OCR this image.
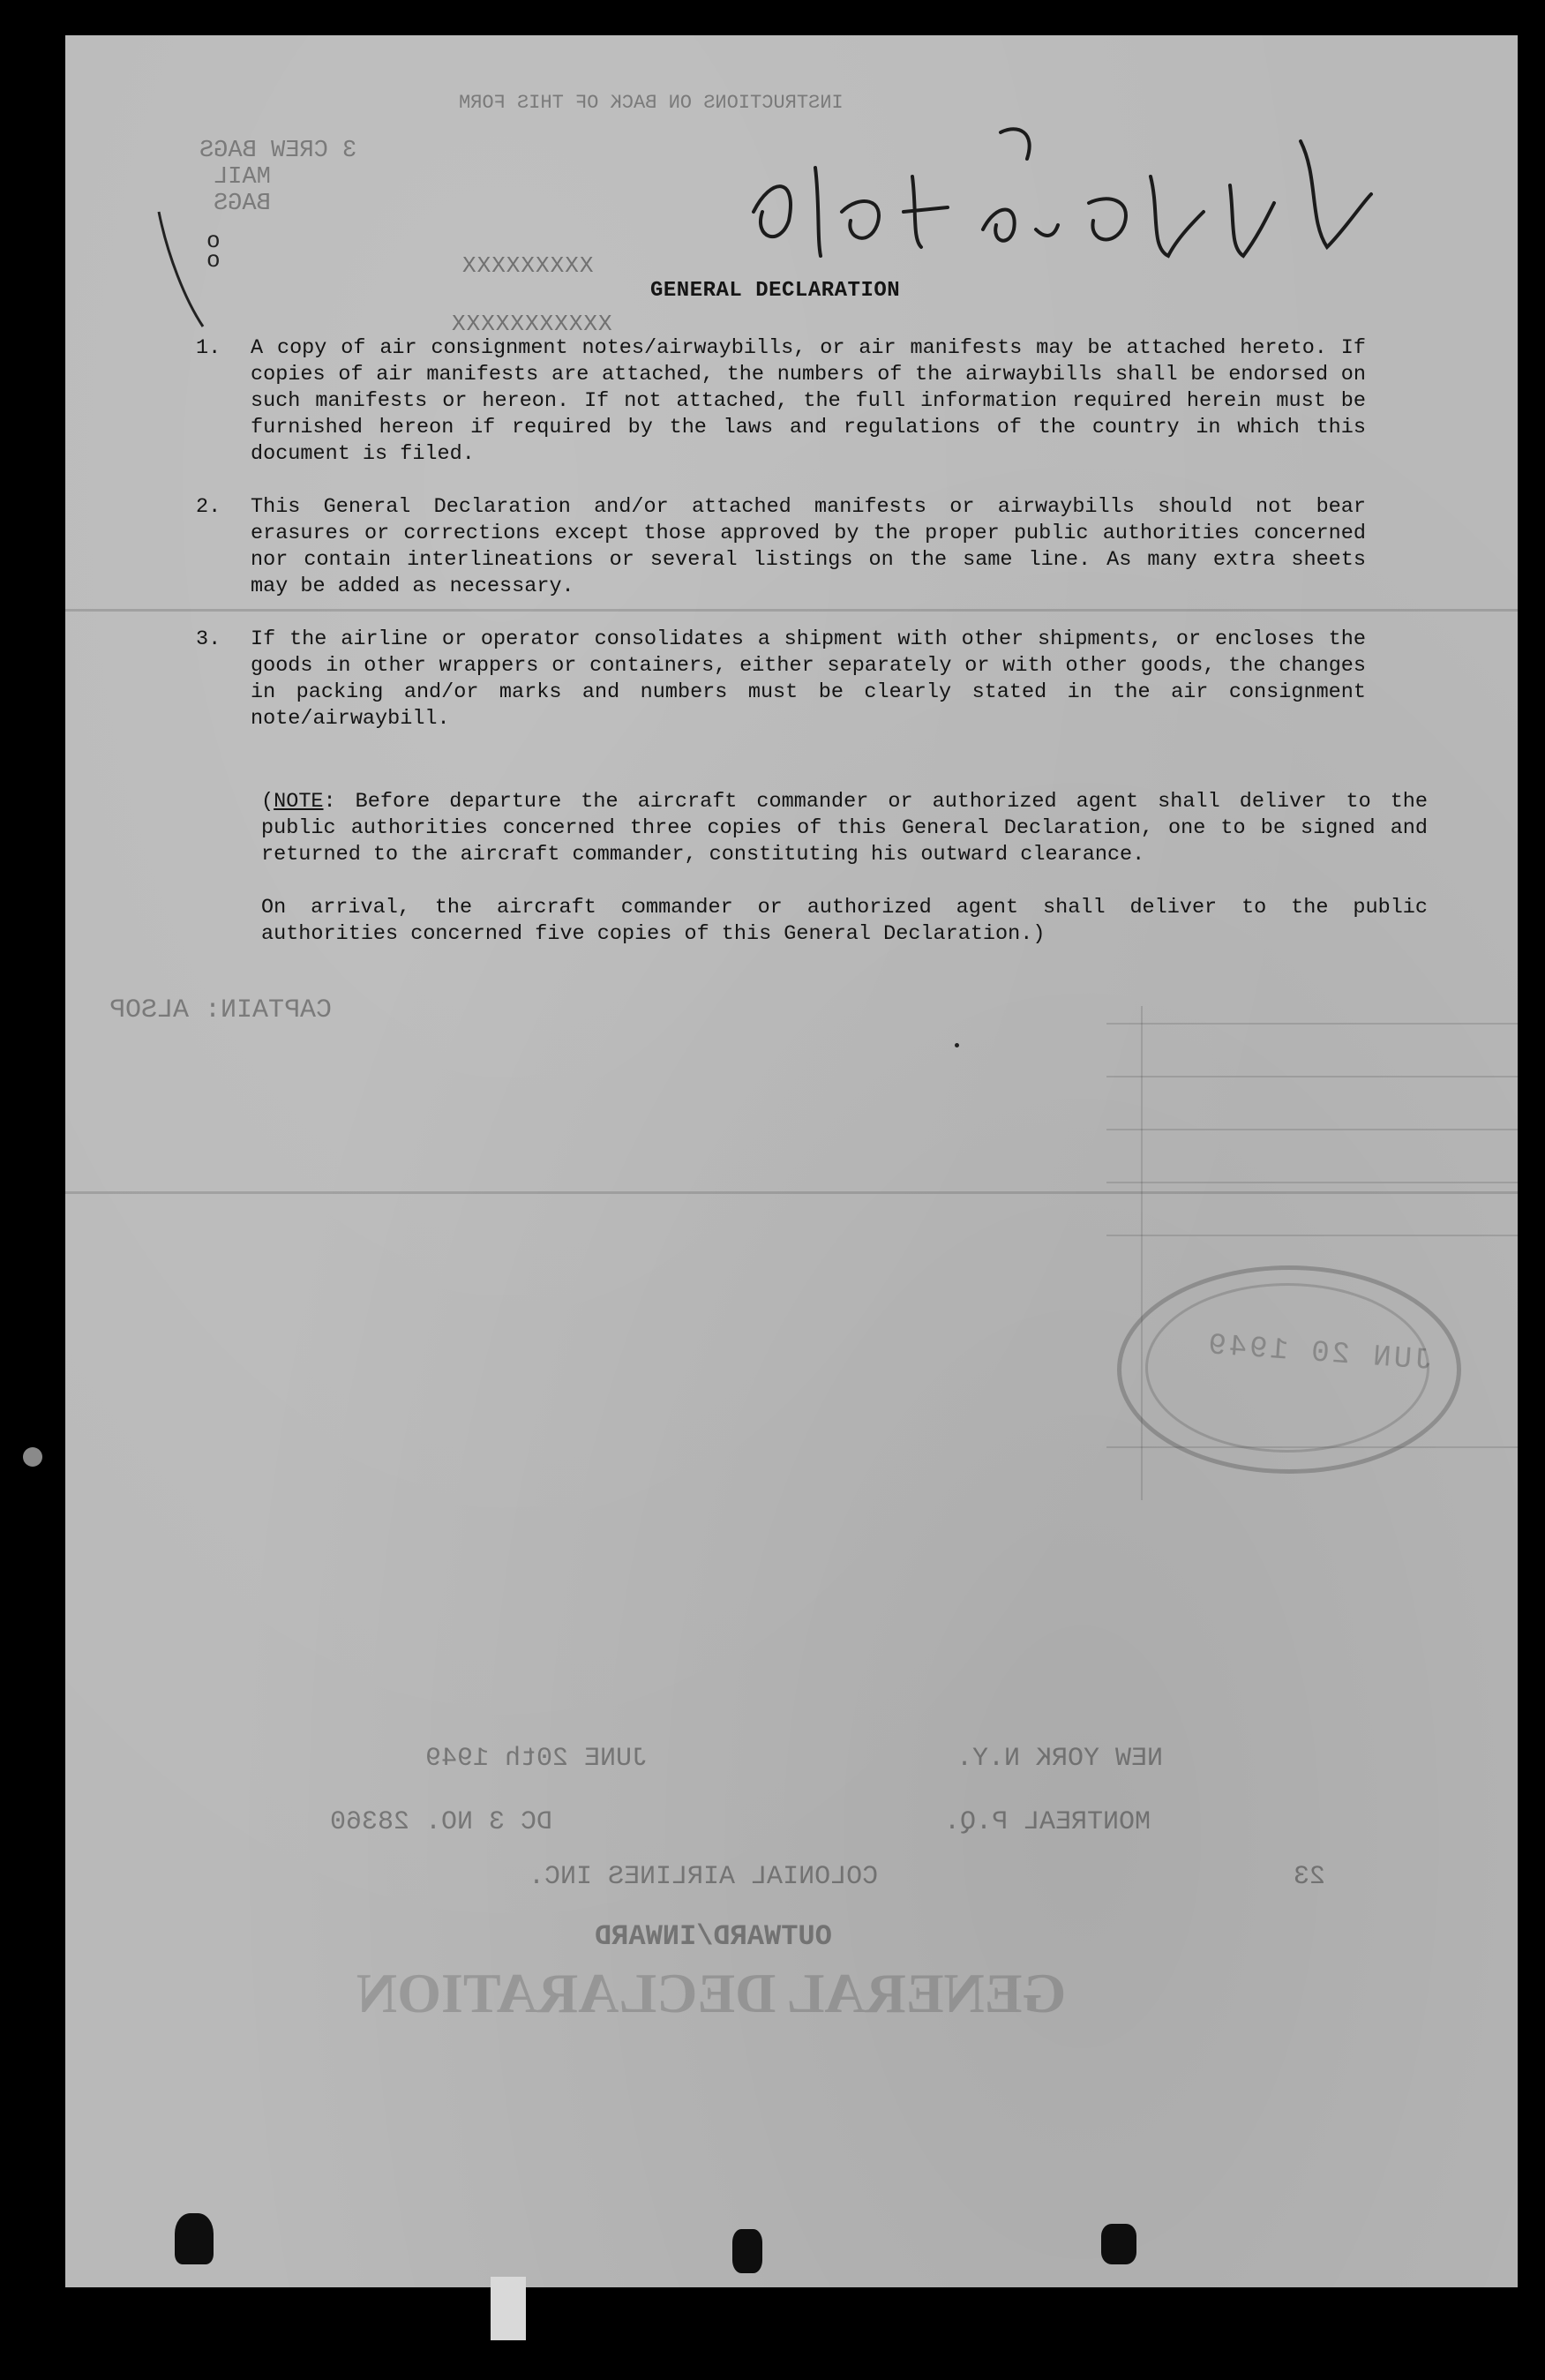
3 CREW BAGS
MAIL
BAGS
INSTRUCTIONS ON BACK OF THIS FORM
CAPTAIN: ALSOP
JUNE 20th 1949	NEW YORK N.Y.
DC 3 NO. 28360	MONTREAL P.Q.
COLONIAL AIRLINES INC.	23
OUTWARD/INWARD
GENERAL DECLARATION
JUN 20 1949
o
o	XXXXXXXXX
XXXXXXXXXXX
GENERAL DECLARATION
1.	A copy of air consignment notes/airwaybills, or air manifests may be attached hereto. If copies of air manifests are attached, the numbers of the airwaybills shall be endorsed on such manifests or hereon. If not attached, the full information required herein must be furnished hereon if required by the laws and regulations of the country in which this document is filed.
2.	This General Declaration and/or attached manifests or airwaybills should not bear erasures or corrections except those approved by the proper public authorities concerned nor contain interlineations or several listings on the same line. As many extra sheets may be added as necessary.
3.	If the airline or operator consolidates a shipment with other shipments, or encloses the goods in other wrappers or containers, either separately or with other goods, the changes in packing and/or marks and numbers must be clearly stated in the air consignment note/airwaybill.

(NOTE: Before departure the aircraft commander or authorized agent shall deliver to the public authorities concerned three copies of this General Declaration, one to be signed and returned to the aircraft commander, constituting his outward clearance.

On arrival, the aircraft commander or authorized agent shall deliver to the public authorities concerned five copies of this General Declaration.)
